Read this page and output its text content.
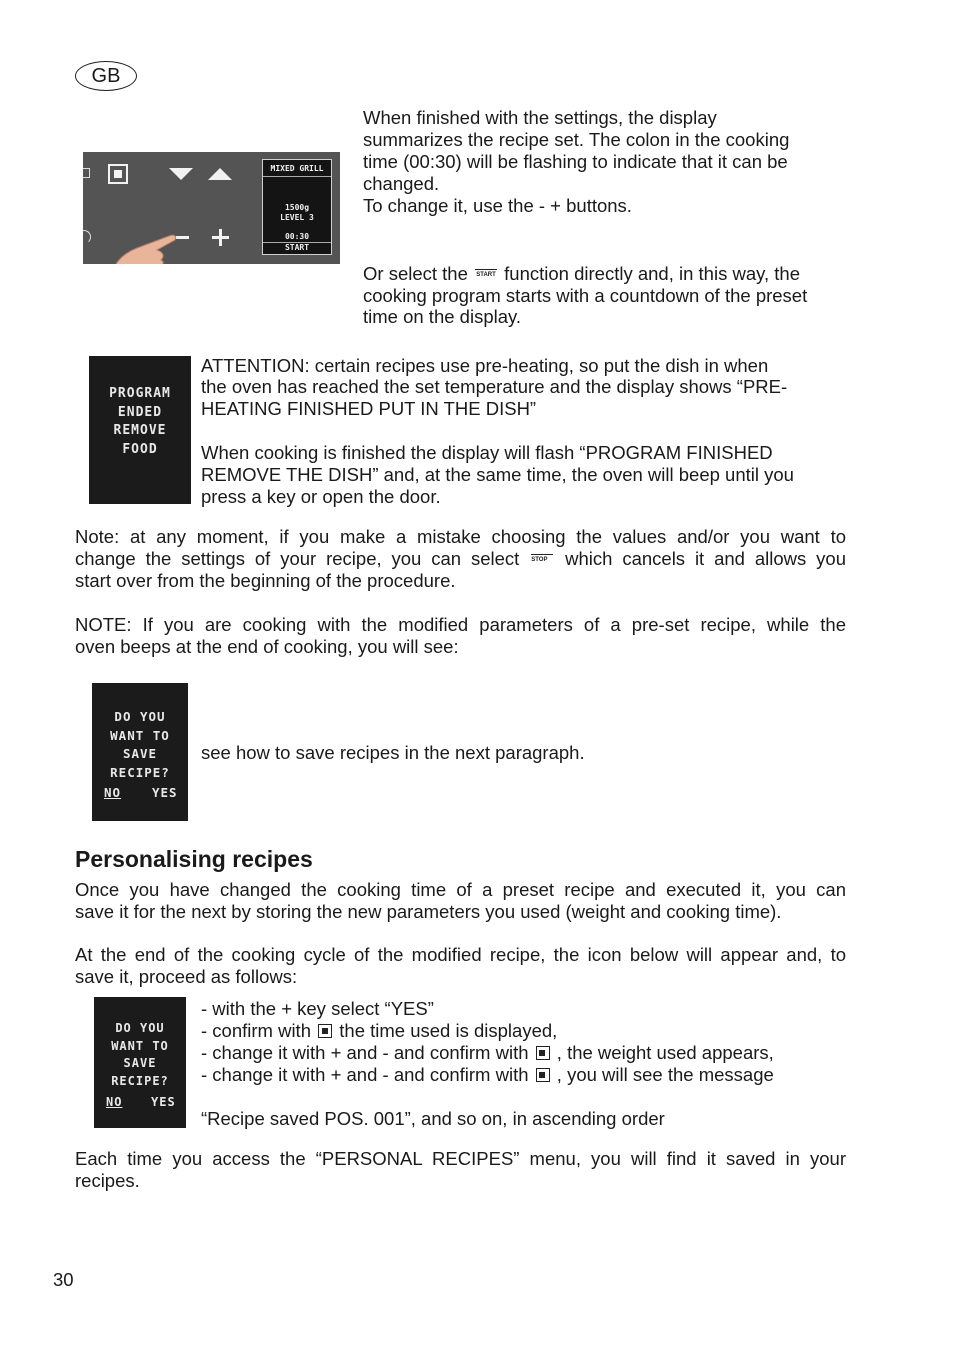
GB
MIXED GRILL
1500g
LEVEL 3
00:30
START
When finished with the settings, the display
summarizes the recipe set. The colon in the cooking
time (00:30) will be flashing to indicate that it can be
changed.
To change it, use the - + buttons.
Or select the START function directly and, in this way, the
cooking program starts with a countdown of the preset
time on the display.
PROGRAM
ENDED
REMOVE
FOOD
ATTENTION: certain recipes use pre-heating, so put the dish in when
the oven has reached the set temperature and the display shows “PRE-
HEATING FINISHED PUT IN THE DISH”
When cooking is finished the display will flash “PROGRAM FINISHED
REMOVE THE DISH” and, at the same time, the oven will beep until you
press a key or open the door.
Note: at any moment, if you make a mistake choosing the values and/or you want to
change the settings of your recipe, you can select STOP which cancels it and allows you
start over from the beginning of the procedure.
NOTE: If you are cooking with the modified parameters of a pre-set recipe, while the
oven beeps at the end of cooking, you will see:
DO YOU
WANT TO
SAVE
RECIPE?
NO YES
see how to save recipes in the next paragraph.
Personalising recipes
Once you have changed the cooking time of a preset recipe and executed it, you can
save it for the next by storing the new parameters you used (weight and cooking time).
At the end of the cooking cycle of the modified recipe, the icon below will appear and, to
save it, proceed as follows:
DO YOU
WANT TO
SAVE
RECIPE?
NO YES
- with the + key select “YES”
- confirm with the time used is displayed,
- change it with + and - and confirm with , the weight used appears,
- change it with + and - and confirm with , you will see the message
“Recipe saved POS. 001”, and so on, in ascending order
Each time you access the “PERSONAL RECIPES” menu, you will find it saved in your
recipes.
30
